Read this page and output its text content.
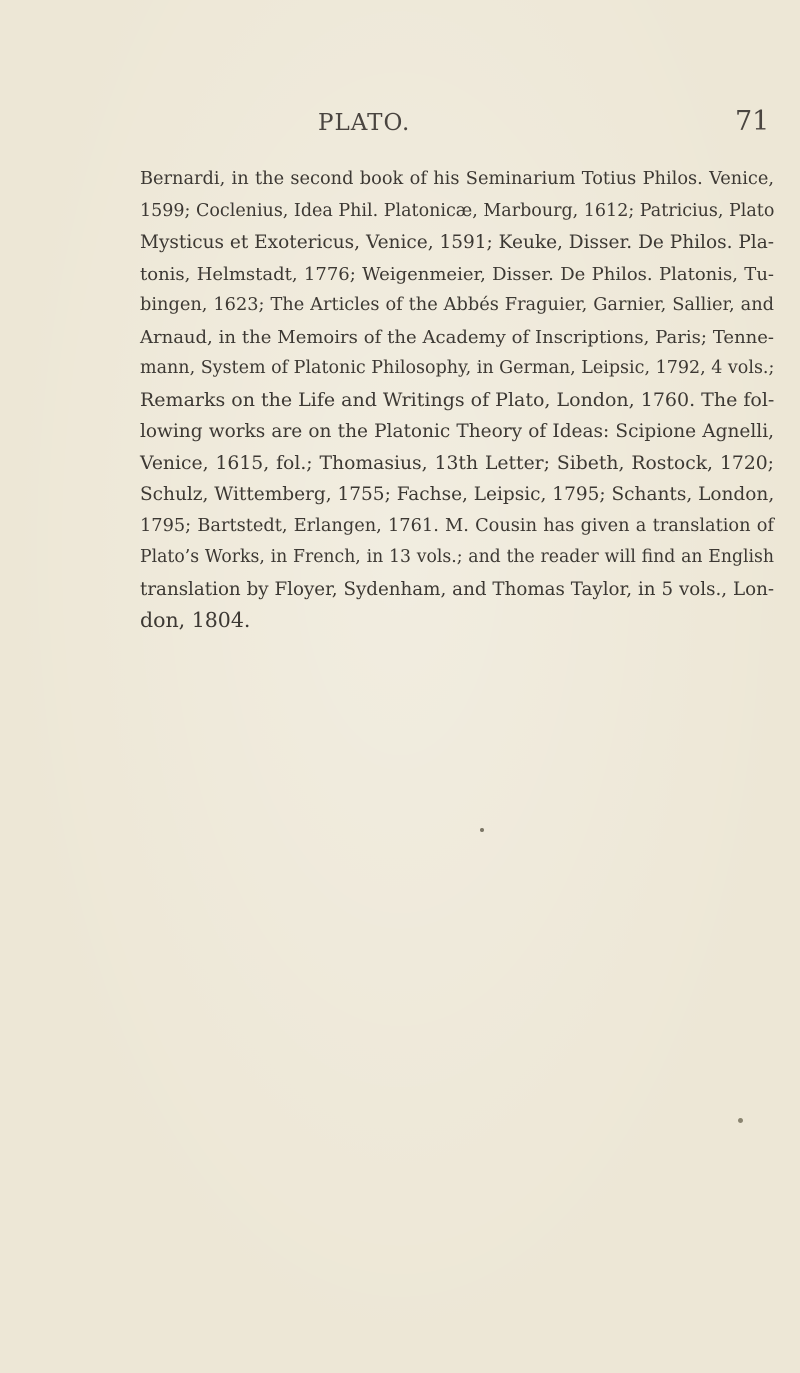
PLATO.	71
Bernardi, in the second book of his Seminarium Totius Philos. Venice,
1599; Coclenius, Idea Phil. Platonicæ, Marbourg, 1612; Patricius, Plato
Mysticus et Exotericus, Venice, 1591; Keuke, Disser. De Philos. Pla-
tonis, Helmstadt, 1776; Weigenmeier, Disser. De Philos. Platonis, Tu-
bingen, 1623; The Articles of the Abbés Fraguier, Garnier, Sallier, and
Arnaud, in the Memoirs of the Academy of Inscriptions, Paris; Tenne-
mann, System of Platonic Philosophy, in German, Leipsic, 1792, 4 vols.;
Remarks on the Life and Writings of Plato, London, 1760. The fol-
lowing works are on the Platonic Theory of Ideas: Scipione Agnelli,
Venice, 1615, fol.; Thomasius, 13th Letter; Sibeth, Rostock, 1720;
Schulz, Wittemberg, 1755; Fachse, Leipsic, 1795; Schants, London,
1795; Bartstedt, Erlangen, 1761. M. Cousin has given a translation of
Plato’s Works, in French, in 13 vols.; and the reader will find an English
translation by Floyer, Sydenham, and Thomas Taylor, in 5 vols., Lon-
don, 1804.
